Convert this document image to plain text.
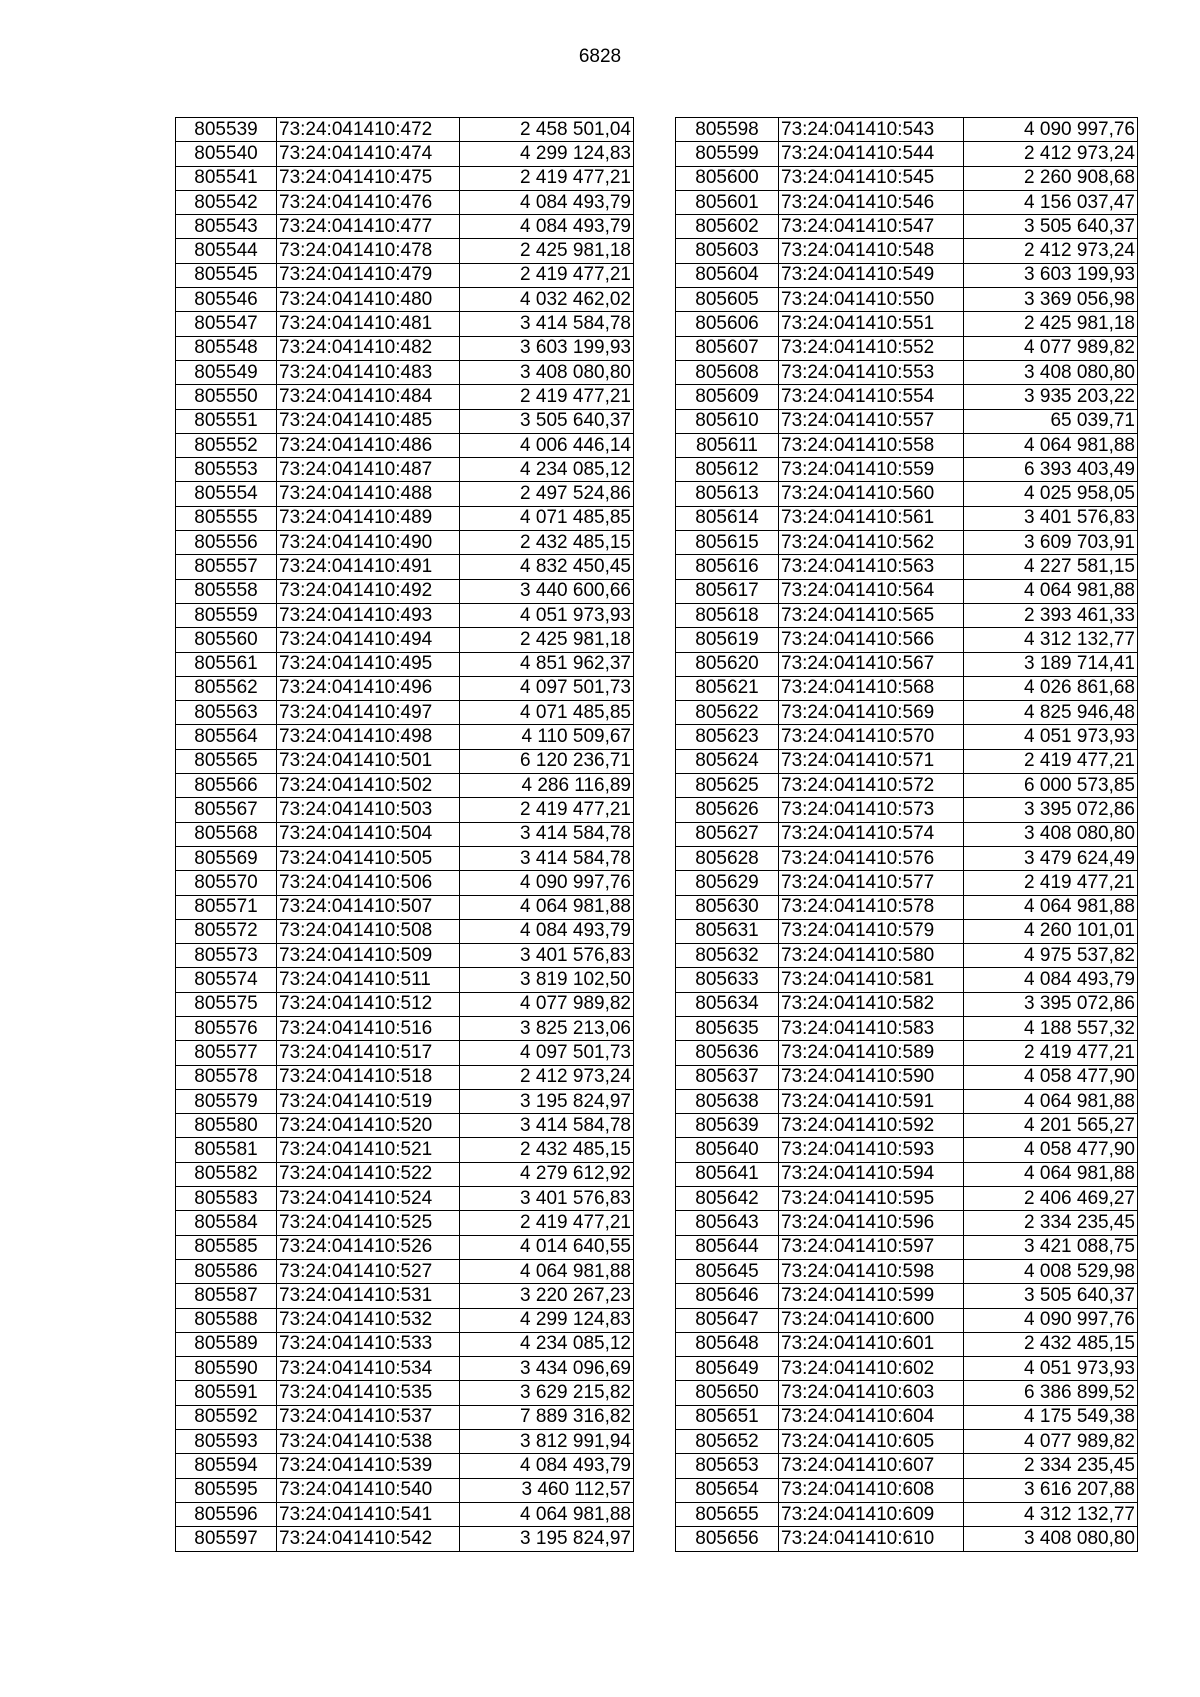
6828
805539	73:24:041410:472	2 458 501,04
805540	73:24:041410:474	4 299 124,83
805541	73:24:041410:475	2 419 477,21
805542	73:24:041410:476	4 084 493,79
805543	73:24:041410:477	4 084 493,79
805544	73:24:041410:478	2 425 981,18
805545	73:24:041410:479	2 419 477,21
805546	73:24:041410:480	4 032 462,02
805547	73:24:041410:481	3 414 584,78
805548	73:24:041410:482	3 603 199,93
805549	73:24:041410:483	3 408 080,80
805550	73:24:041410:484	2 419 477,21
805551	73:24:041410:485	3 505 640,37
805552	73:24:041410:486	4 006 446,14
805553	73:24:041410:487	4 234 085,12
805554	73:24:041410:488	2 497 524,86
805555	73:24:041410:489	4 071 485,85
805556	73:24:041410:490	2 432 485,15
805557	73:24:041410:491	4 832 450,45
805558	73:24:041410:492	3 440 600,66
805559	73:24:041410:493	4 051 973,93
805560	73:24:041410:494	2 425 981,18
805561	73:24:041410:495	4 851 962,37
805562	73:24:041410:496	4 097 501,73
805563	73:24:041410:497	4 071 485,85
805564	73:24:041410:498	4 110 509,67
805565	73:24:041410:501	6 120 236,71
805566	73:24:041410:502	4 286 116,89
805567	73:24:041410:503	2 419 477,21
805568	73:24:041410:504	3 414 584,78
805569	73:24:041410:505	3 414 584,78
805570	73:24:041410:506	4 090 997,76
805571	73:24:041410:507	4 064 981,88
805572	73:24:041410:508	4 084 493,79
805573	73:24:041410:509	3 401 576,83
805574	73:24:041410:511	3 819 102,50
805575	73:24:041410:512	4 077 989,82
805576	73:24:041410:516	3 825 213,06
805577	73:24:041410:517	4 097 501,73
805578	73:24:041410:518	2 412 973,24
805579	73:24:041410:519	3 195 824,97
805580	73:24:041410:520	3 414 584,78
805581	73:24:041410:521	2 432 485,15
805582	73:24:041410:522	4 279 612,92
805583	73:24:041410:524	3 401 576,83
805584	73:24:041410:525	2 419 477,21
805585	73:24:041410:526	4 014 640,55
805586	73:24:041410:527	4 064 981,88
805587	73:24:041410:531	3 220 267,23
805588	73:24:041410:532	4 299 124,83
805589	73:24:041410:533	4 234 085,12
805590	73:24:041410:534	3 434 096,69
805591	73:24:041410:535	3 629 215,82
805592	73:24:041410:537	7 889 316,82
805593	73:24:041410:538	3 812 991,94
805594	73:24:041410:539	4 084 493,79
805595	73:24:041410:540	3 460 112,57
805596	73:24:041410:541	4 064 981,88
805597	73:24:041410:542	3 195 824,97
805598	73:24:041410:543	4 090 997,76
805599	73:24:041410:544	2 412 973,24
805600	73:24:041410:545	2 260 908,68
805601	73:24:041410:546	4 156 037,47
805602	73:24:041410:547	3 505 640,37
805603	73:24:041410:548	2 412 973,24
805604	73:24:041410:549	3 603 199,93
805605	73:24:041410:550	3 369 056,98
805606	73:24:041410:551	2 425 981,18
805607	73:24:041410:552	4 077 989,82
805608	73:24:041410:553	3 408 080,80
805609	73:24:041410:554	3 935 203,22
805610	73:24:041410:557	65 039,71
805611	73:24:041410:558	4 064 981,88
805612	73:24:041410:559	6 393 403,49
805613	73:24:041410:560	4 025 958,05
805614	73:24:041410:561	3 401 576,83
805615	73:24:041410:562	3 609 703,91
805616	73:24:041410:563	4 227 581,15
805617	73:24:041410:564	4 064 981,88
805618	73:24:041410:565	2 393 461,33
805619	73:24:041410:566	4 312 132,77
805620	73:24:041410:567	3 189 714,41
805621	73:24:041410:568	4 026 861,68
805622	73:24:041410:569	4 825 946,48
805623	73:24:041410:570	4 051 973,93
805624	73:24:041410:571	2 419 477,21
805625	73:24:041410:572	6 000 573,85
805626	73:24:041410:573	3 395 072,86
805627	73:24:041410:574	3 408 080,80
805628	73:24:041410:576	3 479 624,49
805629	73:24:041410:577	2 419 477,21
805630	73:24:041410:578	4 064 981,88
805631	73:24:041410:579	4 260 101,01
805632	73:24:041410:580	4 975 537,82
805633	73:24:041410:581	4 084 493,79
805634	73:24:041410:582	3 395 072,86
805635	73:24:041410:583	4 188 557,32
805636	73:24:041410:589	2 419 477,21
805637	73:24:041410:590	4 058 477,90
805638	73:24:041410:591	4 064 981,88
805639	73:24:041410:592	4 201 565,27
805640	73:24:041410:593	4 058 477,90
805641	73:24:041410:594	4 064 981,88
805642	73:24:041410:595	2 406 469,27
805643	73:24:041410:596	2 334 235,45
805644	73:24:041410:597	3 421 088,75
805645	73:24:041410:598	4 008 529,98
805646	73:24:041410:599	3 505 640,37
805647	73:24:041410:600	4 090 997,76
805648	73:24:041410:601	2 432 485,15
805649	73:24:041410:602	4 051 973,93
805650	73:24:041410:603	6 386 899,52
805651	73:24:041410:604	4 175 549,38
805652	73:24:041410:605	4 077 989,82
805653	73:24:041410:607	2 334 235,45
805654	73:24:041410:608	3 616 207,88
805655	73:24:041410:609	4 312 132,77
805656	73:24:041410:610	3 408 080,80
